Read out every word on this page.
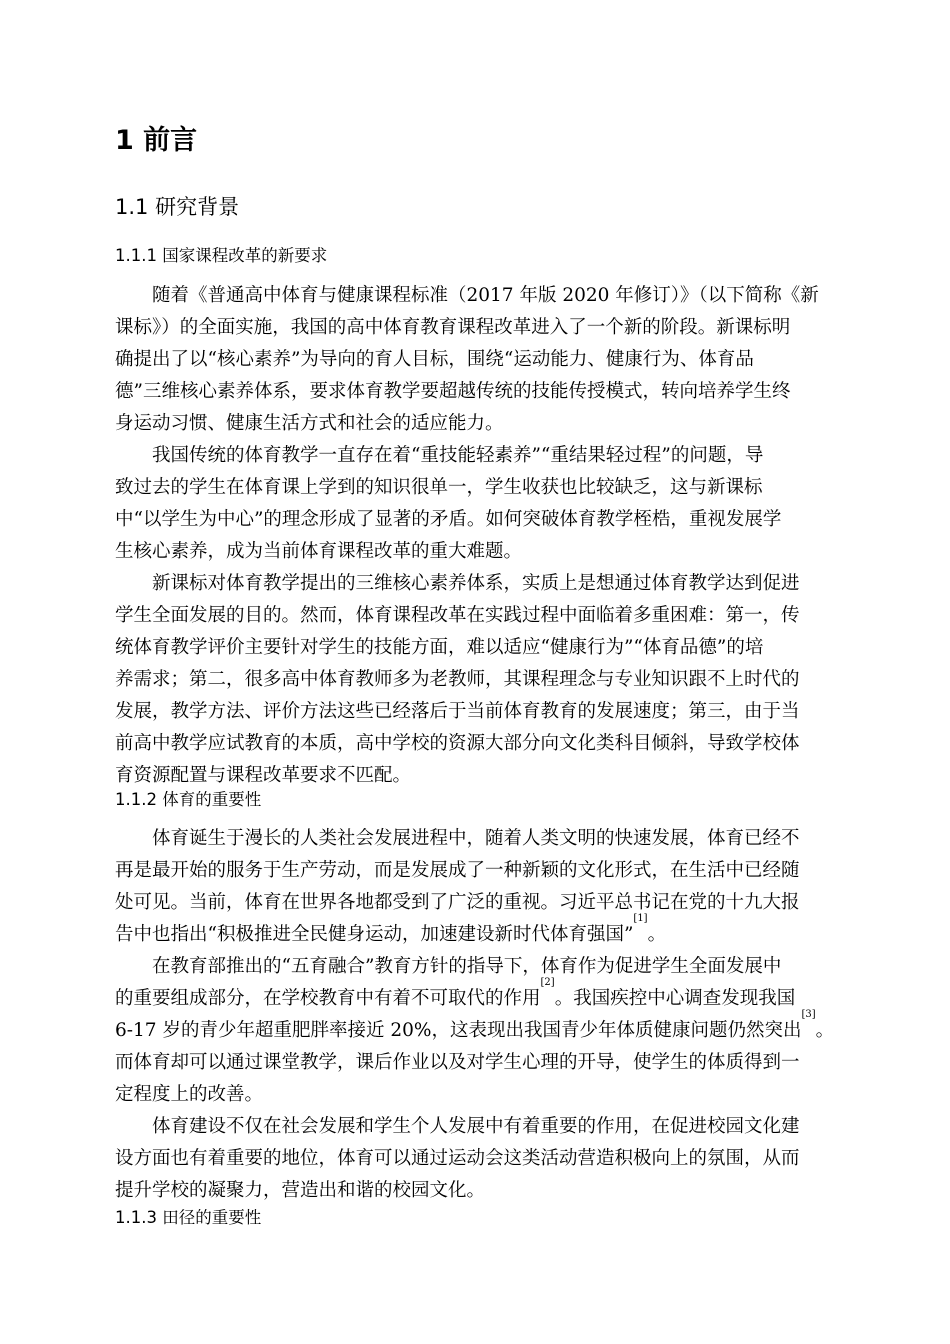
1 前言
1.1 研究背景
1.1.1 国家课程改革的新要求
随着《普通高中体育与健康课程标准（2017 年版 2020 年修订）》（以下简称《新
课标》）的全面实施，我国的高中体育教育课程改革进入了一个新的阶段。新课标明
确提出了以“核心素养”为导向的育人目标，围绕“运动能力、健康行为、体育品
德”三维核心素养体系，要求体育教学要超越传统的技能传授模式，转向培养学生终
身运动习惯、健康生活方式和社会的适应能力。
我国传统的体育教学一直存在着“重技能轻素养”“重结果轻过程”的问题，导
致过去的学生在体育课上学到的知识很单一，学生收获也比较缺乏，这与新课标
中“以学生为中心”的理念形成了显著的矛盾。如何突破体育教学桎梏，重视发展学
生核心素养，成为当前体育课程改革的重大难题。
新课标对体育教学提出的三维核心素养体系，实质上是想通过体育教学达到促进
学生全面发展的目的。然而，体育课程改革在实践过程中面临着多重困难：第一，传
统体育教学评价主要针对学生的技能方面，难以适应“健康行为”“体育品德”的培
养需求；第二，很多高中体育教师多为老教师，其课程理念与专业知识跟不上时代的
发展，教学方法、评价方法这些已经落后于当前体育教育的发展速度；第三，由于当
前高中教学应试教育的本质，高中学校的资源大部分向文化类科目倾斜，导致学校体
育资源配置与课程改革要求不匹配。
1.1.2 体育的重要性
体育诞生于漫长的人类社会发展进程中，随着人类文明的快速发展，体育已经不
再是最开始的服务于生产劳动，而是发展成了一种新颖的文化形式，在生活中已经随
处可见。当前，体育在世界各地都受到了广泛的重视。习近平总书记在党的十九大报
告中也指出“积极推进全民健身运动，加速建设新时代体育强国”
[1]
。
在教育部推出的“五育融合”教育方针的指导下，体育作为促进学生全面发展中
的重要组成部分，在学校教育中有着不可取代的作用
[2]
。我国疾控中心调查发现我国
6-17 岁的青少年超重肥胖率接近 20%，这表现出我国青少年体质健康问题仍然突出
[3]
。
而体育却可以通过课堂教学，课后作业以及对学生心理的开导，使学生的体质得到一
定程度上的改善。
体育建设不仅在社会发展和学生个人发展中有着重要的作用，在促进校园文化建
设方面也有着重要的地位，体育可以通过运动会这类活动营造积极向上的氛围，从而
提升学校的凝聚力，营造出和谐的校园文化。
1.1.3 田径的重要性
